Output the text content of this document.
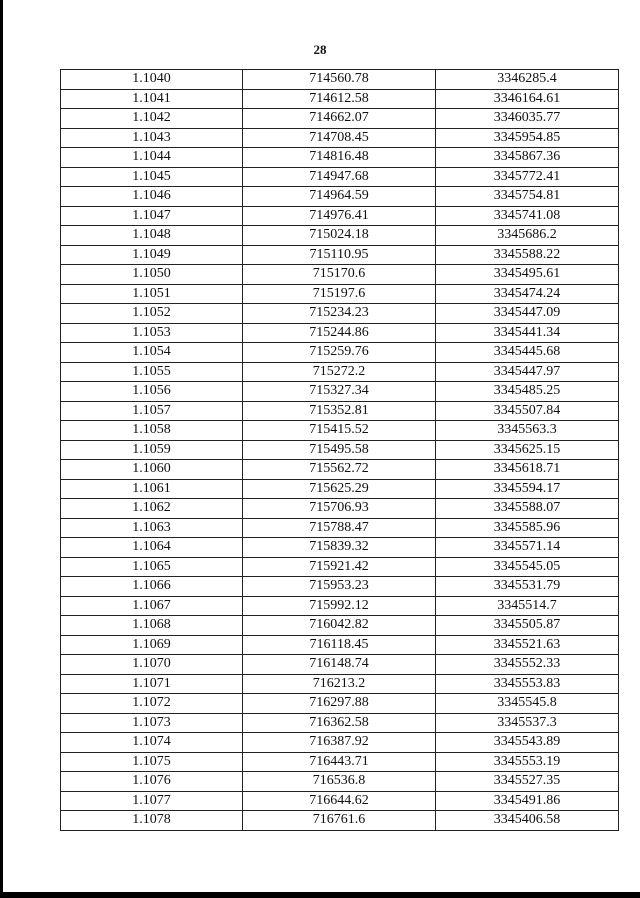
28
1.1040	714560.78	3346285.4
1.1041	714612.58	3346164.61
1.1042	714662.07	3346035.77
1.1043	714708.45	3345954.85
1.1044	714816.48	3345867.36
1.1045	714947.68	3345772.41
1.1046	714964.59	3345754.81
1.1047	714976.41	3345741.08
1.1048	715024.18	3345686.2
1.1049	715110.95	3345588.22
1.1050	715170.6	3345495.61
1.1051	715197.6	3345474.24
1.1052	715234.23	3345447.09
1.1053	715244.86	3345441.34
1.1054	715259.76	3345445.68
1.1055	715272.2	3345447.97
1.1056	715327.34	3345485.25
1.1057	715352.81	3345507.84
1.1058	715415.52	3345563.3
1.1059	715495.58	3345625.15
1.1060	715562.72	3345618.71
1.1061	715625.29	3345594.17
1.1062	715706.93	3345588.07
1.1063	715788.47	3345585.96
1.1064	715839.32	3345571.14
1.1065	715921.42	3345545.05
1.1066	715953.23	3345531.79
1.1067	715992.12	3345514.7
1.1068	716042.82	3345505.87
1.1069	716118.45	3345521.63
1.1070	716148.74	3345552.33
1.1071	716213.2	3345553.83
1.1072	716297.88	3345545.8
1.1073	716362.58	3345537.3
1.1074	716387.92	3345543.89
1.1075	716443.71	3345553.19
1.1076	716536.8	3345527.35
1.1077	716644.62	3345491.86
1.1078	716761.6	3345406.58
